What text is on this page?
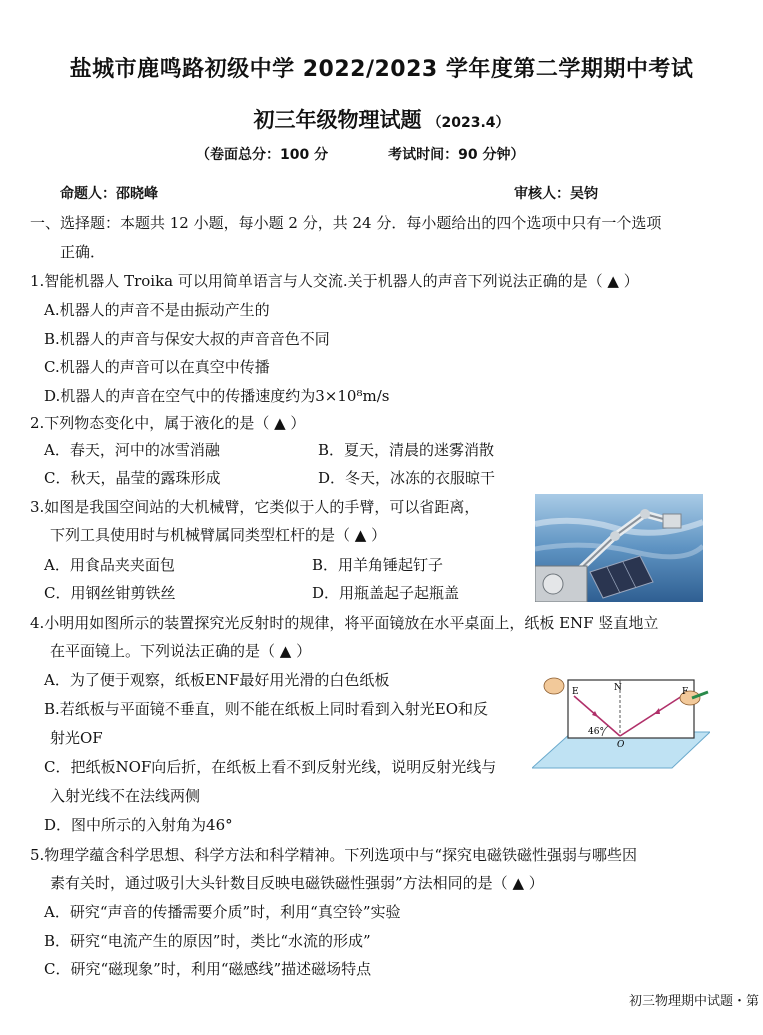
盐城市鹿鸣路初级中学 2022/2023 学年度第二学期期中考试
初三年级物理试题 （2023.4）
（卷面总分：100 分	考试时间：90 分钟）
命题人：邵晓峰	审核人：吴钧
一、选择题：本题共 12 小题，每小题 2 分，共 24 分．每小题给出的四个选项中只有一个选项
正确．
1.智能机器人 Troika 可以用简单语言与人交流.关于机器人的声音下列说法正确的是（ ▲ ）
A.机器人的声音不是由振动产生的
B.机器人的声音与保安大叔的声音音色不同
C.机器人的声音可以在真空中传播
D.机器人的声音在空气中的传播速度约为3×10⁸m/s
2.下列物态变化中，属于液化的是（ ▲ ）
A．春天，河中的冰雪消融	B．夏天，清晨的迷雾消散
C．秋天，晶莹的露珠形成	D．冬天，冰冻的衣服晾干
3.如图是我国空间站的大机械臂，它类似于人的手臂，可以省距离，
下列工具使用时与机械臂属同类型杠杆的是（ ▲ ）
A．用食品夹夹面包	B．用羊角锤起钉子
C．用钢丝钳剪铁丝	D．用瓶盖起子起瓶盖
4.小明用如图所示的装置探究光反射时的规律，将平面镜放在水平桌面上，纸板 ENF 竖直地立
在平面镜上。下列说法正确的是（ ▲ ）
A．为了便于观察，纸板ENF最好用光滑的白色纸板
B.若纸板与平面镜不垂直，则不能在纸板上同时看到入射光EO和反
射光OF
C．把纸板NOF向后折，在纸板上看不到反射光线，说明反射光线与
入射光线不在法线两侧
D．图中所示的入射角为46°
E	N	F
O
46°
5.物理学蕴含科学思想、科学方法和科学精神。下列选项中与“探究电磁铁磁性强弱与哪些因
素有关时，通过吸引大头针数目反映电磁铁磁性强弱”方法相同的是（ ▲ ）
A．研究“声音的传播需要介质”时，利用“真空铃”实验
B．研究“电流产生的原因”时，类比“水流的形成”
C．研究“磁现象”时，利用“磁感线”描述磁场特点
初三物理期中试题・第
